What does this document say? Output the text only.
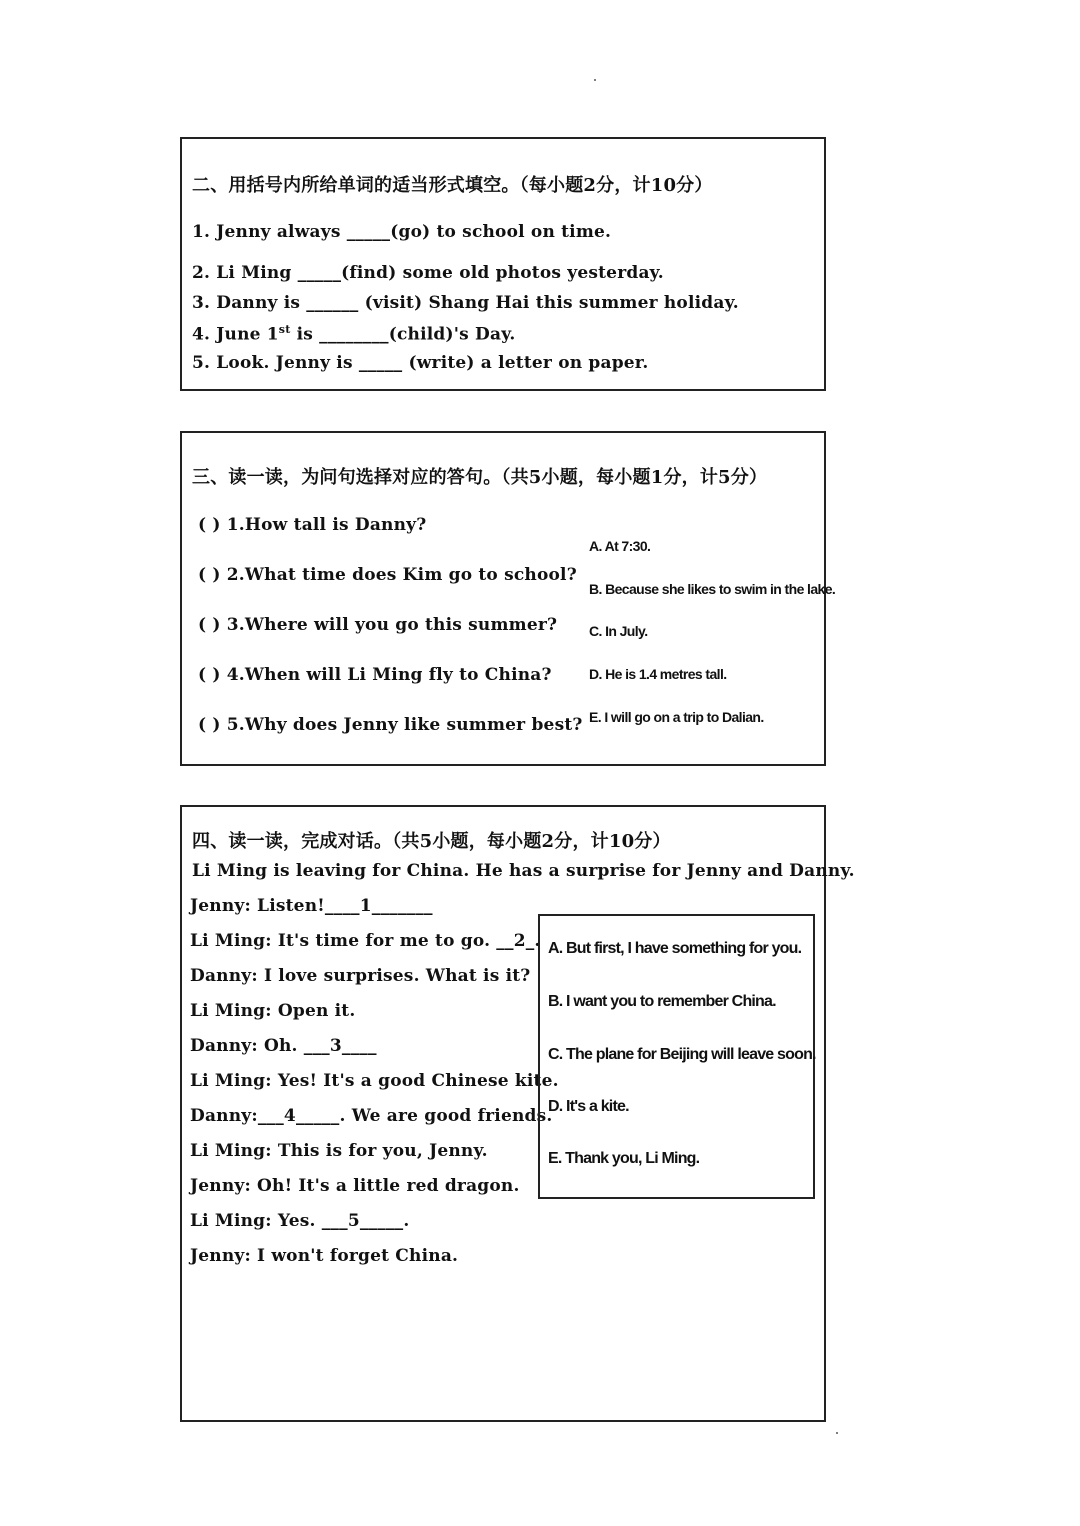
二、用括号内所给单词的适当形式填空。（每小题2分，计10分）
1. Jenny always _____(go) to school on time.
2. Li Ming _____(find) some old photos yesterday.
3. Danny is ______ (visit) Shang Hai this summer holiday.
4. June 1st is ________(child)'s Day.
5. Look. Jenny is _____ (write) a letter on paper.
三、读一读，为问句选择对应的答句。（共5小题，每小题1分，计5分）
( ) 1.How tall is Danny?
( ) 2.What time does Kim go to school?
( ) 3.Where will you go this summer?
( ) 4.When will Li Ming fly to China?
( ) 5.Why does Jenny like summer best?
A. At 7:30.
B. Because she likes to swim in the lake.
C. In July.
D. He is 1.4 metres tall.
E. I will go on a trip to Dalian.
四、读一读，完成对话。（共5小题，每小题2分，计10分）
Li Ming is leaving for China. He has a surprise for Jenny and Danny.
Jenny: Listen!____1_______
Li Ming: It's time for me to go. __2_.
Danny: I love surprises. What is it?
Li Ming: Open it.
Danny: Oh. ___3____
Li Ming: Yes! It's a good Chinese kite.
Danny:___4_____. We are good friends.
Li Ming: This is for you, Jenny.
Jenny: Oh! It's a little red dragon.
Li Ming: Yes. ___5_____.
Jenny: I won't forget China.
A. But first, I have something for you.
B. I want you to remember China.
C. The plane for Beijing will leave soon.
D. It's a kite.
E. Thank you, Li Ming.
